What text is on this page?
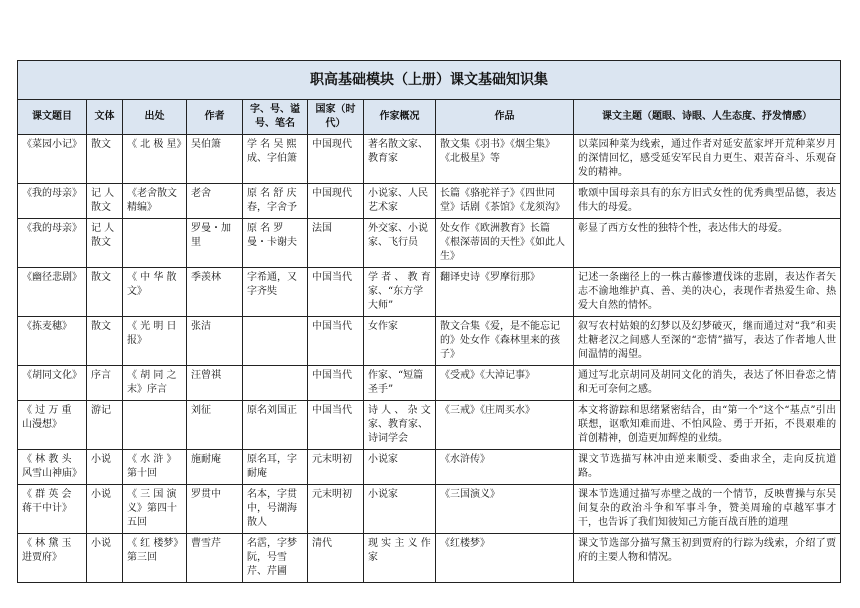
职高基础模块（上册）课文基础知识集								
课文题目	文体	出处	作者	字、号、谥号、笔名	国家（时代）	作家概况	作品	课文主题（题眼、诗眼、人生态度、抒发情感）
《菜园小记》	散文	《 北 极 星》	吴伯箫	学 名 吴 熙成、字伯箫	中国现代	著名散文家、教育家	散文集《羽书》《烟尘集》《北极星》等	以菜园种菜为线索，通过作者对延安蓝家坪开荒种菜岁月的深情回忆，感受延安军民自力更生、艰苦奋斗、乐观奋发的精神。
《我的母亲》	记 人散文	《老舍散文精编》	老舍	原 名 舒 庆春，字舍予	中国现代	小说家、人民艺术家	长篇《骆驼祥子》《四世同堂》话剧《茶馆》《龙须沟》	歌颂中国母亲具有的东方旧式女性的优秀典型品德，表达伟大的母爱。
《我的母亲》	记 人散文		罗曼・加里	原 名 罗曼・卡谢夫	法国	外交家、小说家、飞行员	处女作《欧洲教育》长篇《根深蒂固的天性》《如此人生》	彰显了西方女性的独特个性，表达伟大的母爱。
《幽径悲剧》	散文	《 中 华 散文》	季羡林	字希通，又字齐奘	中国当代	学 者 、 教 育家、“东方学大师”	翻译史诗《罗摩衍那》	记述一条幽径上的一株古藤惨遭伐诛的悲剧，表达作者矢志不渝地维护真、善、美的决心，表现作者热爱生命、热爱大自然的情怀。
《拣麦穗》	散文	《 光 明 日报》	张洁		中国当代	女作家	散文合集《爱，是不能忘记的》处女作《森林里来的孩子》	叙写农村姑娘的幻梦以及幻梦破灭，继而通过对“我”和卖灶糖老汉之间感人至深的“恋情”描写，表达了作者地人世间温情的渴望。
《胡同文化》	序言	《 胡 同 之末》序言	汪曾祺		中国当代	作家、“短篇圣手”	《受戒》《大淖记事》	通过写北京胡同及胡同文化的消失，表达了怀旧眷恋之情和无可奈何之感。
《 过 万 重 山漫想》	游记		刘征	原名刘国正	中国当代	诗 人 、 杂 文家、教育家、诗词学会	《三戒》《庄周买水》	本文将游踪和思绪紧密结合，由“第一个”这个“基点”引出联想，讴歌知难而进、不怕风险、勇于开拓，不畏艰难的首创精神，创造更加辉煌的业绩。
《 林 教 头 风雪山神庙》	小说	《 水 浒 》第十回	施耐庵	原名耳，字耐庵	元末明初	小说家	《水浒传》	课文节选描写林冲由逆来顺受、委曲求全，走向反抗道路。
《 群 英 会 蒋干中计》	小说	《 三 国 演义》第四十五回	罗贯中	名本，字贯中，号湖海散人	元末明初	小说家	《三国演义》	课本节选通过描写赤壁之战的一个情节，反映曹操与东吴间复杂的政治斗争和军事斗争，赞美周瑜的卓越军事才干，也告诉了我们知彼知己方能百战百胜的道理
《 林 黛 玉 进贾府》	小说	《 红 楼梦》第三回	曹雪芹	名霑，字梦阮，号雪芹、芹圃	清代	现 实 主 义 作家	《红楼梦》	课文节选部分描写黛玉初到贾府的行踪为线索，介绍了贾府的主要人物和情况。
